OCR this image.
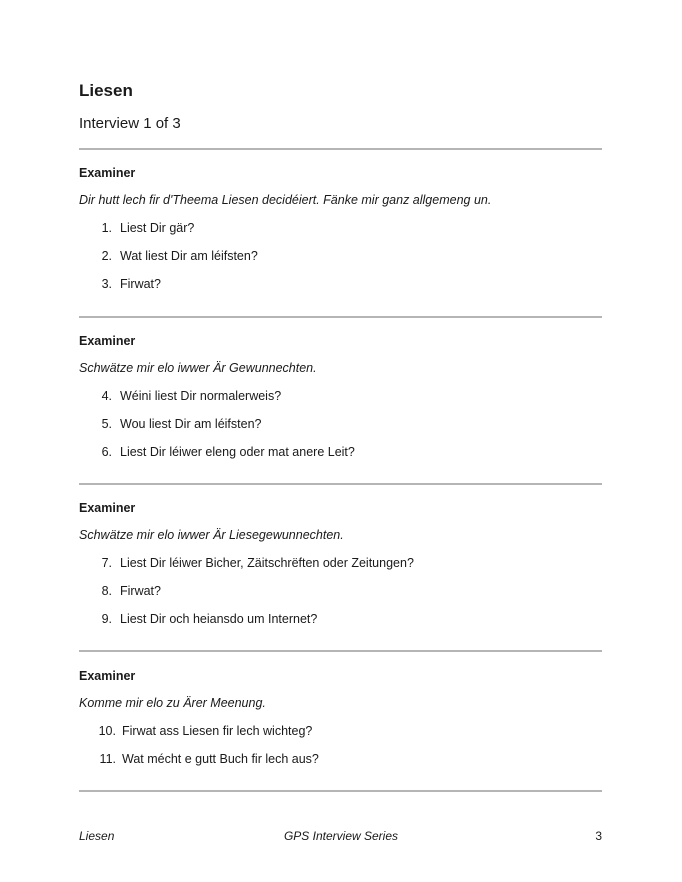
Liesen
Interview 1 of 3
Examiner
Dir hutt lech fir d'Theema Liesen decidéiert. Fänke mir ganz allgemeng un.
1. Liest Dir gär?
2. Wat liest Dir am léifsten?
3. Firwat?
Examiner
Schwätze mir elo iwwer Är Gewunnechten.
4. Wéini liest Dir normalerweis?
5. Wou liest Dir am léifsten?
6. Liest Dir léiwer eleng oder mat anere Leit?
Examiner
Schwätze mir elo iwwer Är Liesegewunnechten.
7. Liest Dir léiwer Bicher, Zäitschrëften oder Zeitungen?
8. Firwat?
9. Liest Dir och heiansdo um Internet?
Examiner
Komme mir elo zu Ärer Meenung.
10. Firwat ass Liesen fir lech wichteg?
11. Wat mécht e gutt Buch fir lech aus?
Liesen	GPS Interview Series	3
